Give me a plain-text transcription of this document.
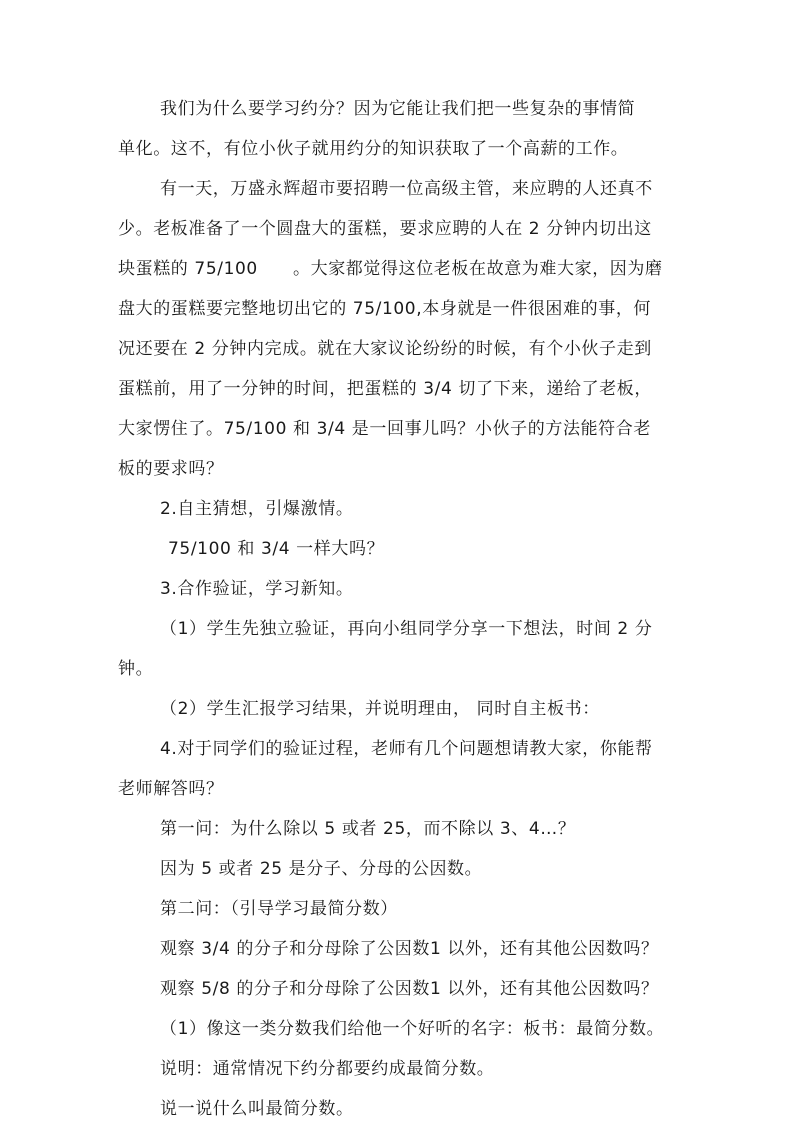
我们为什么要学习约分？因为它能让我们把一些复杂的事情简
单化。这不，有位小伙子就用约分的知识获取了一个高薪的工作。
有一天，万盛永辉超市要招聘一位高级主管，来应聘的人还真不
少。老板准备了一个圆盘大的蛋糕，要求应聘的人在 2 分钟内切出这
块蛋糕的 75/100　　。大家都觉得这位老板在故意为难大家，因为磨
盘大的蛋糕要完整地切出它的 75/100,本身就是一件很困难的事，何
况还要在 2 分钟内完成。就在大家议论纷纷的时候，有个小伙子走到
蛋糕前，用了一分钟的时间，把蛋糕的 3/4 切了下来，递给了老板，
大家愣住了。75/100 和 3/4 是一回事儿吗？小伙子的方法能符合老
板的要求吗？
2.自主猜想，引爆激情。
75/100 和 3/4 一样大吗？
3.合作验证，学习新知。
（1）学生先独立验证，再向小组同学分享一下想法，时间 2 分
钟。
（2）学生汇报学习结果，并说明理由， 同时自主板书：
4.对于同学们的验证过程，老师有几个问题想请教大家，你能帮
老师解答吗？
第一问：为什么除以 5 或者 25，而不除以 3、4…？
因为 5 或者 25 是分子、分母的公因数。
第二问：（引导学习最简分数）
观察 3/4 的分子和分母除了公因数1 以外，还有其他公因数吗？
观察 5/8 的分子和分母除了公因数1 以外，还有其他公因数吗？
（1）像这一类分数我们给他一个好听的名字：板书：最简分数。
说明：通常情况下约分都要约成最简分数。
说一说什么叫最简分数。
